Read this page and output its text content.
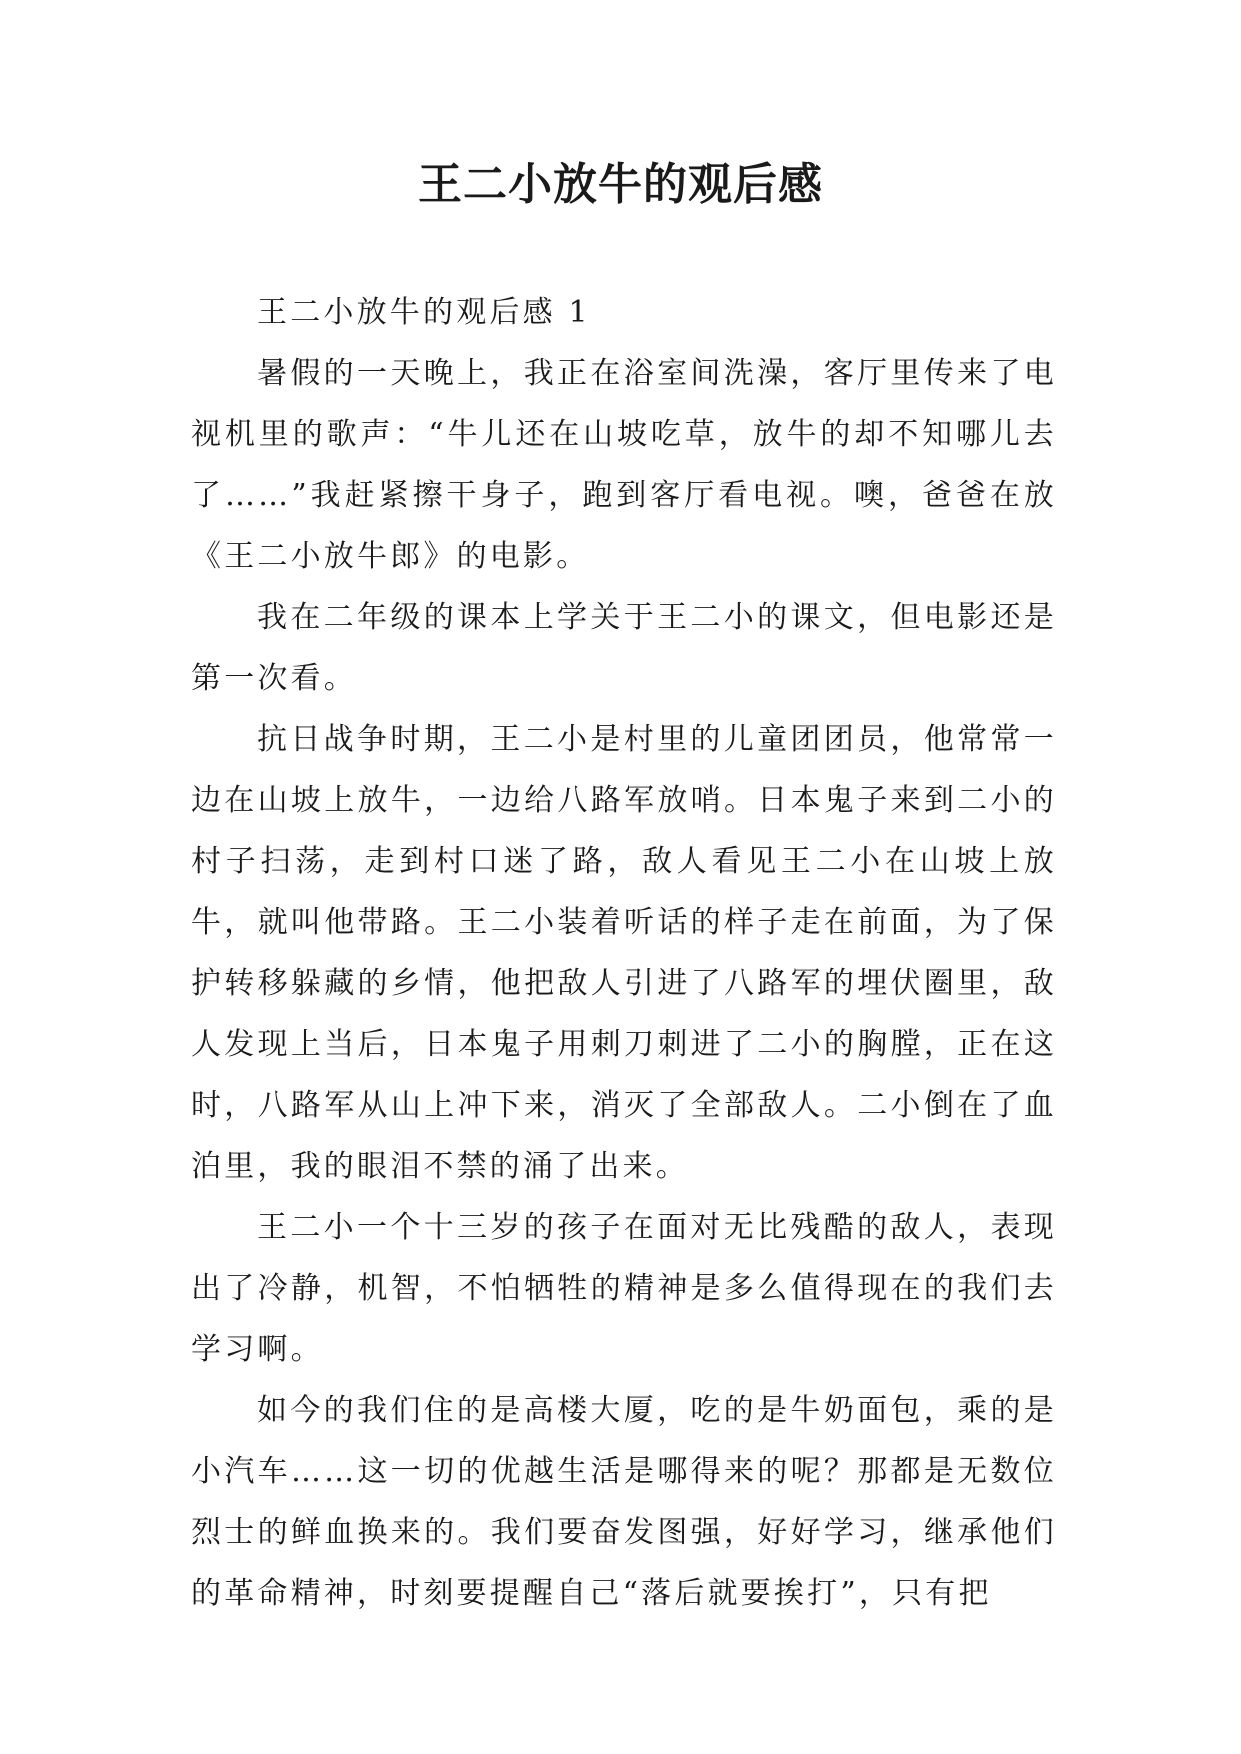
王二小放牛的观后感

王二小放牛的观后感 1

暑假的一天晚上，我正在浴室间洗澡，客厅里传来了电视机里的歌声：“牛儿还在山坡吃草，放牛的却不知哪儿去了……”我赶紧擦干身子，跑到客厅看电视。噢，爸爸在放《王二小放牛郎》的电影。

我在二年级的课本上学关于王二小的课文，但电影还是第一次看。

抗日战争时期，王二小是村里的儿童团团员，他常常一边在山坡上放牛，一边给八路军放哨。日本鬼子来到二小的村子扫荡，走到村口迷了路，敌人看见王二小在山坡上放牛，就叫他带路。王二小装着听话的样子走在前面，为了保护转移躲藏的乡情，他把敌人引进了八路军的埋伏圈里，敌人发现上当后，日本鬼子用刺刀刺进了二小的胸膛，正在这时，八路军从山上冲下来，消灭了全部敌人。二小倒在了血泊里，我的眼泪不禁的涌了出来。

王二小一个十三岁的孩子在面对无比残酷的敌人，表现出了冷静，机智，不怕牺牲的精神是多么值得现在的我们去学习啊。

如今的我们住的是高楼大厦，吃的是牛奶面包，乘的是小汽车……这一切的优越生活是哪得来的呢？那都是无数位烈士的鲜血换来的。我们要奋发图强，好好学习，继承他们的革命精神，时刻要提醒自己“落后就要挨打”，只有把
